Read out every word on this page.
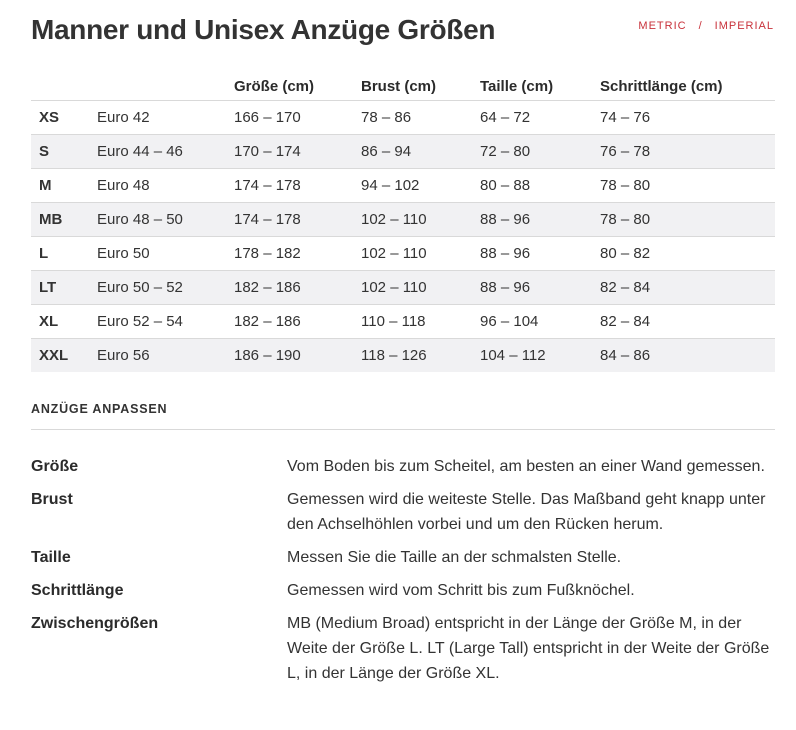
Manner und Unisex Anzüge Größen	METRIC / IMPERIAL
		Größe (cm)	Brust (cm)	Taille (cm)	Schrittlänge (cm)
XS	Euro 42	166 – 170	78 – 86	64 – 72	74 – 76
S	Euro 44 – 46	170 – 174	86 – 94	72 – 80	76 – 78
M	Euro 48	174 – 178	94 – 102	80 – 88	78 – 80
MB	Euro 48 – 50	174 – 178	102 – 110	88 – 96	78 – 80
L	Euro 50	178 – 182	102 – 110	88 – 96	80 – 82
LT	Euro 50 – 52	182 – 186	102 – 110	88 – 96	82 – 84
XL	Euro 52 – 54	182 – 186	110 – 118	96 – 104	82 – 84
XXL	Euro 56	186 – 190	118 – 126	104 – 112	84 – 86
ANZÜGE ANPASSEN
Größe	Vom Boden bis zum Scheitel, am besten an einer Wand gemessen.
Brust	Gemessen wird die weiteste Stelle. Das Maßband geht knapp unter den Achselhöhlen vorbei und um den Rücken herum.
Taille	Messen Sie die Taille an der schmalsten Stelle.
Schrittlänge	Gemessen wird vom Schritt bis zum Fußknöchel.
Zwischengrößen	MB (Medium Broad) entspricht in der Länge der Größe M, in der Weite der Größe L. LT (Large Tall) entspricht in der Weite der Größe L, in der Länge der Größe XL.
